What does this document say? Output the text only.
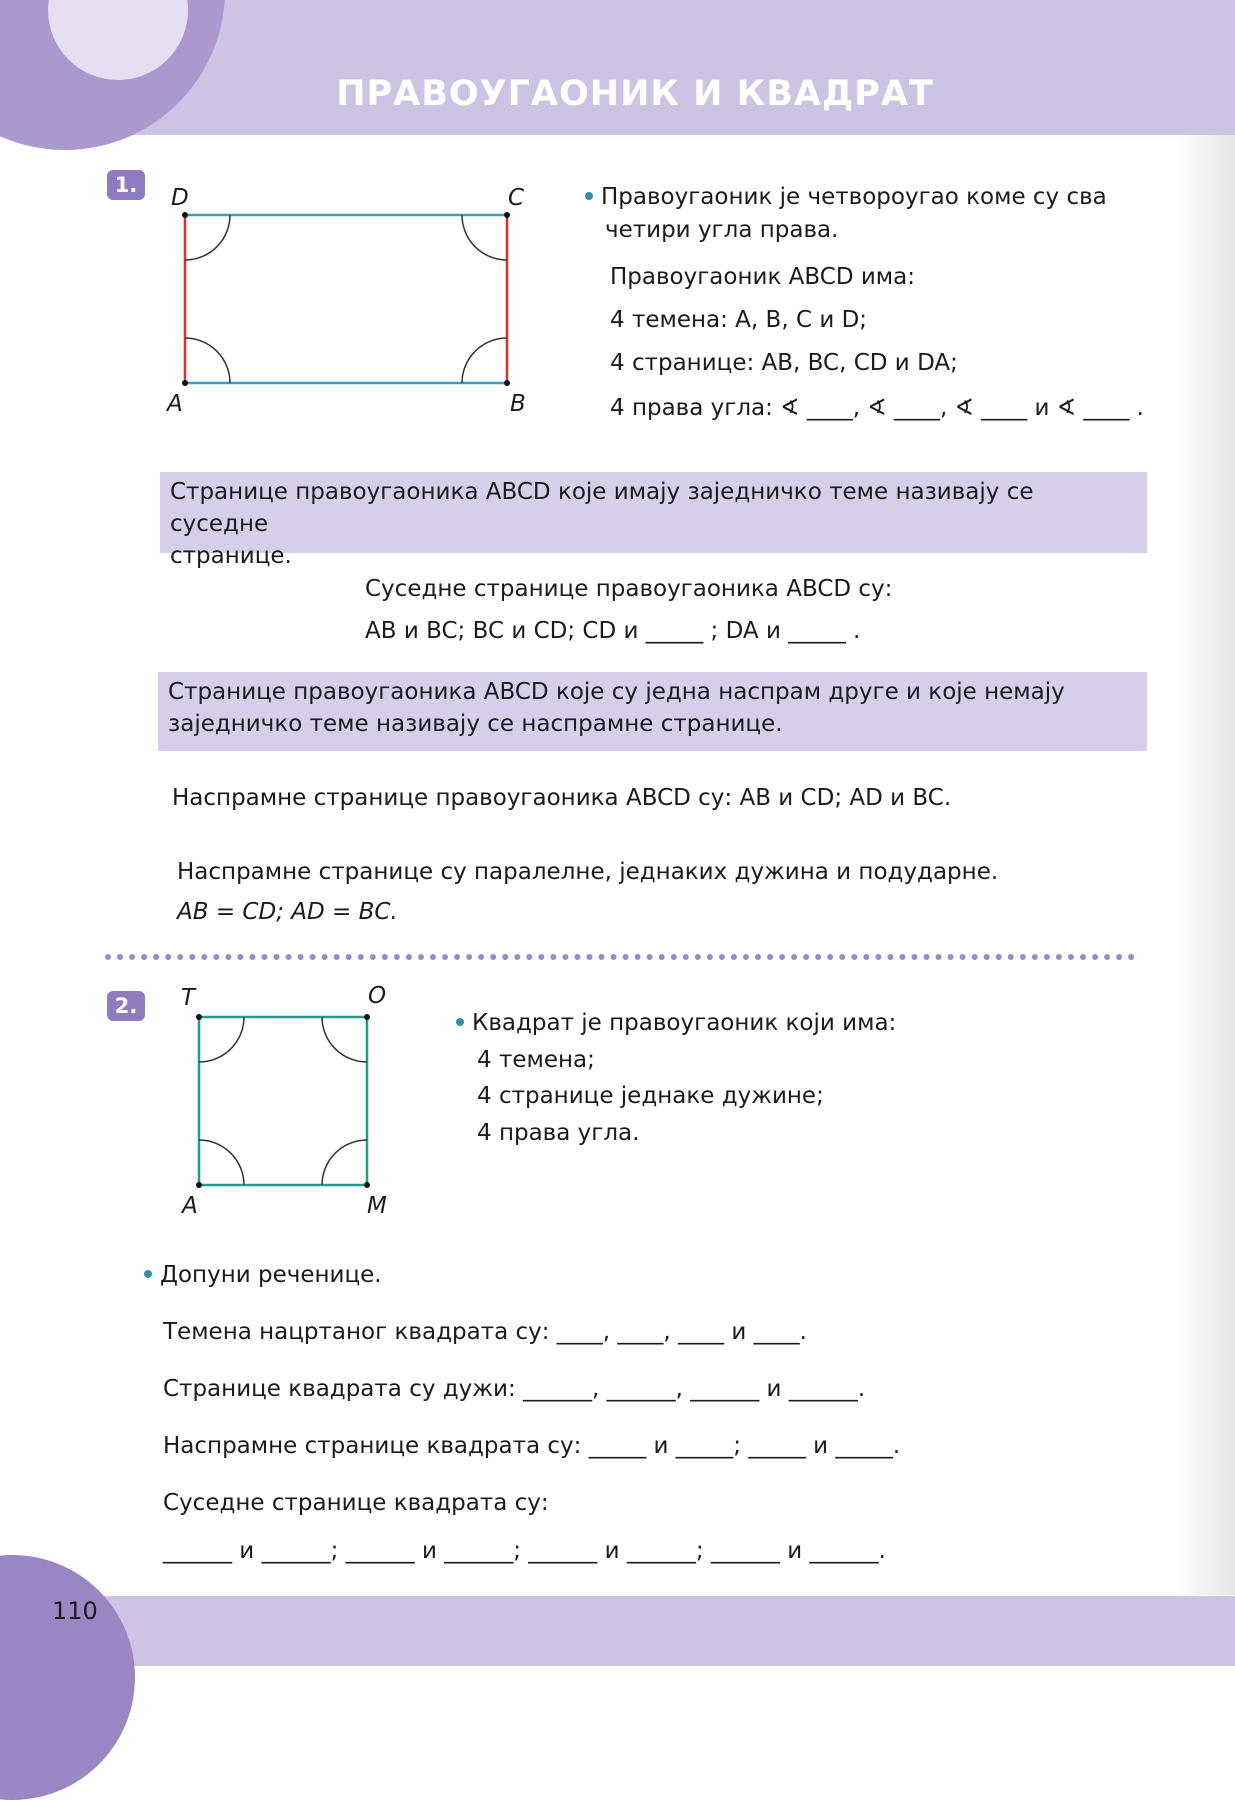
ПРАВОУГАОНИК И КВАДРАТ
1.	D	C
A	B
Правоугаоник је четвороугао коме су сва
четири угла права.
Правоугаоник ABCD има:
4 темена: A, B, C и D;
4 странице: AB, BC, CD и DA;
4 права угла: ∢ ____, ∢ ____, ∢ ____ и ∢ ____ .
Странице правоугаоника ABCD које имају заједничко теме називају се суседне
странице.
Суседне странице правоугаоника ABCD су:
AB и BC; BC и CD; CD и _____ ; DA и _____ .
Странице правоугаоника ABCD које су једна наспрам друге и које немају
заједничко теме називају се наспрамне странице.
Наспрамне странице правоугаоника ABCD су: AB и CD; AD и BC.
Наспрамне странице су паралелне, једнаких дужина и подударне.
AB = CD; AD = BC.
2.	T	O
A	M
Квадрат је правоугаоник који има:
4 темена;
4 странице једнаке дужине;
4 права угла.
Допуни реченице.
Темена нацртаног квадрата су: ____, ____, ____ и ____.
Странице квадрата су дужи: ______, ______, ______ и ______.
Наспрамне странице квадрата су: _____ и _____; _____ и _____.
Суседне странице квадрата су:
______ и ______; ______ и ______; ______ и ______; ______ и ______.
110
